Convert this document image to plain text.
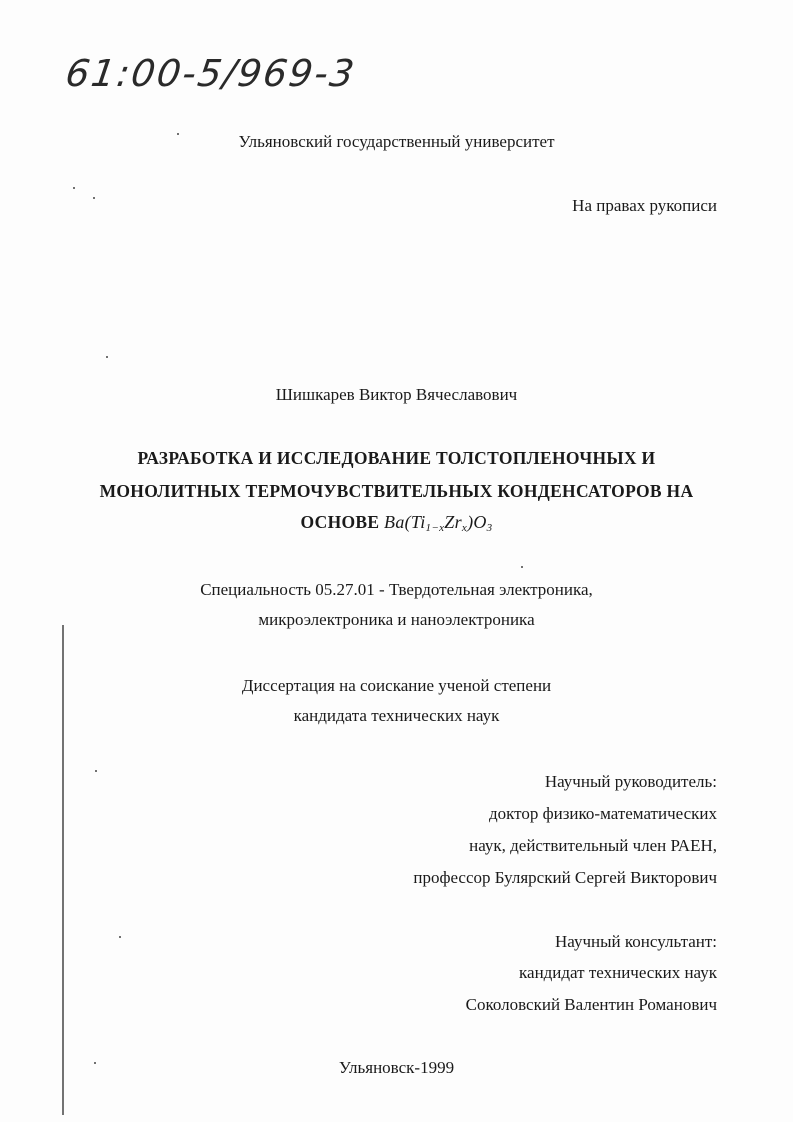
61:00-5/969-3
Ульяновский государственный университет
На правах рукописи
Шишкарев Виктор Вячеславович
РАЗРАБОТКА И ИССЛЕДОВАНИЕ ТОЛСТОПЛЕНОЧНЫХ И
МОНОЛИТНЫХ ТЕРМОЧУВСТВИТЕЛЬНЫХ КОНДЕНСАТОРОВ НА
ОСНОВЕ $Ba(Ti_{1-x}Zr_x)O_3$
Специальность 05.27.01 - Твердотельная электроника,
микроэлектроника и наноэлектроника
Диссертация на соискание ученой степени
кандидата технических наук
Научный руководитель:
доктор физико-математических
наук, действительный член РАЕН,
профессор Булярский Сергей Викторович
Научный консультант:
кандидат технических наук
Соколовский Валентин Романович
Ульяновск-1999
